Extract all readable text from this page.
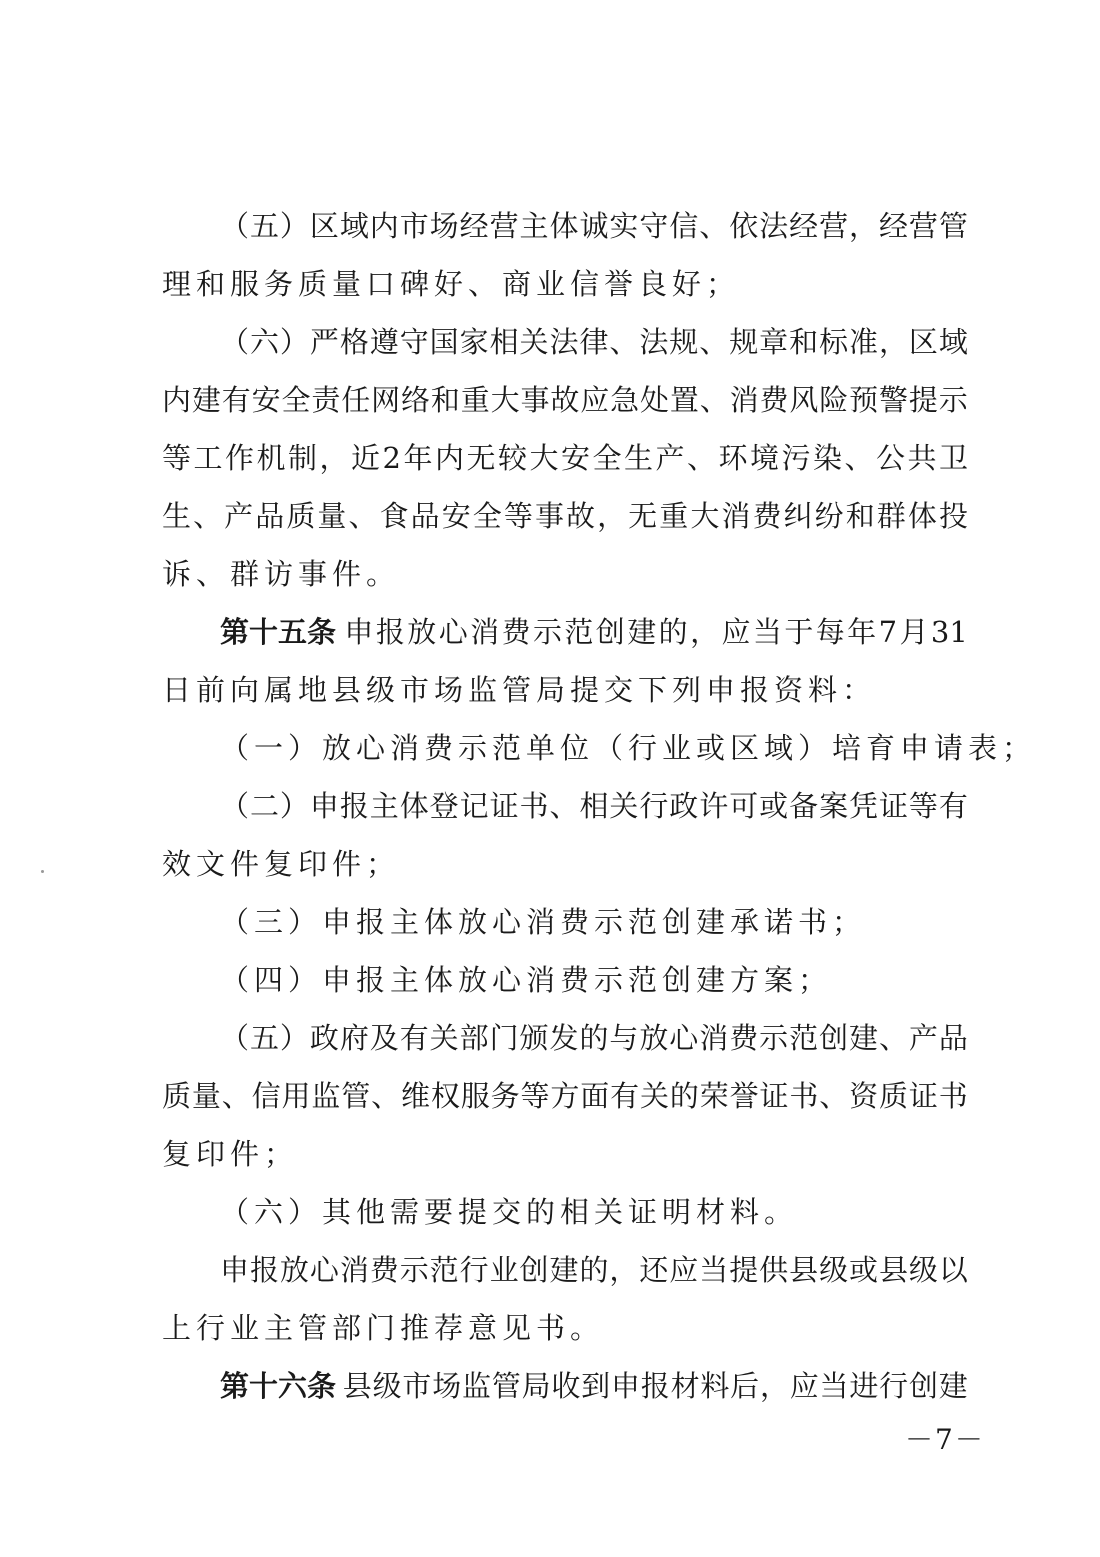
（ 五 ） 区 域 内 市 场 经 营 主 体 诚 实 守 信 、 依 法 经 营 ， 经 营 管
理和服务质量口碑好、商业信誉良好；
（ 六 ） 严 格 遵 守 国 家 相 关 法 律 、 法 规 、 规 章 和 标 准 ， 区 域
内 建 有 安 全 责 任 网 络 和 重 大 事 故 应 急 处 置 、 消 费 风 险 预 警 提 示
等 工 作 机 制 ， 近 2 年 内 无 较 大 安 全 生 产 、 环 境 污 染 、 公 共 卫
生 、 产 品 质 量 、 食 品 安 全 等 事 故 ， 无 重 大 消 费 纠 纷 和 群 体 投
诉、群访事件。
第十五条 申 报 放 心 消 费 示 范 创 建 的 ， 应 当 于 每 年 7 月 31
日前向属地县级市场监管局提交下列申报资料：
（一）放心消费示范单位（行业或区域）培育申请表；
（ 二 ） 申 报 主 体 登 记 证 书 、 相 关 行 政 许 可 或 备 案 凭 证 等 有
效文件复印件；
（三）申报主体放心消费示范创建承诺书；
（四）申报主体放心消费示范创建方案；
（ 五 ） 政 府 及 有 关 部 门 颁 发 的 与 放 心 消 费 示 范 创 建 、 产 品
质 量 、 信 用 监 管 、 维 权 服 务 等 方 面 有 关 的 荣 誉 证 书 、 资 质 证 书
复印件；
（六）其他需要提交的相关证明材料。
申 报 放 心 消 费 示 范 行 业 创 建 的 ， 还 应 当 提 供 县 级 或 县 级 以
上行业主管部门推荐意见书。
第十六条 县 级 市 场 监 管 局 收 到 申 报 材 料 后 ， 应 当 进 行 创 建
－7－
